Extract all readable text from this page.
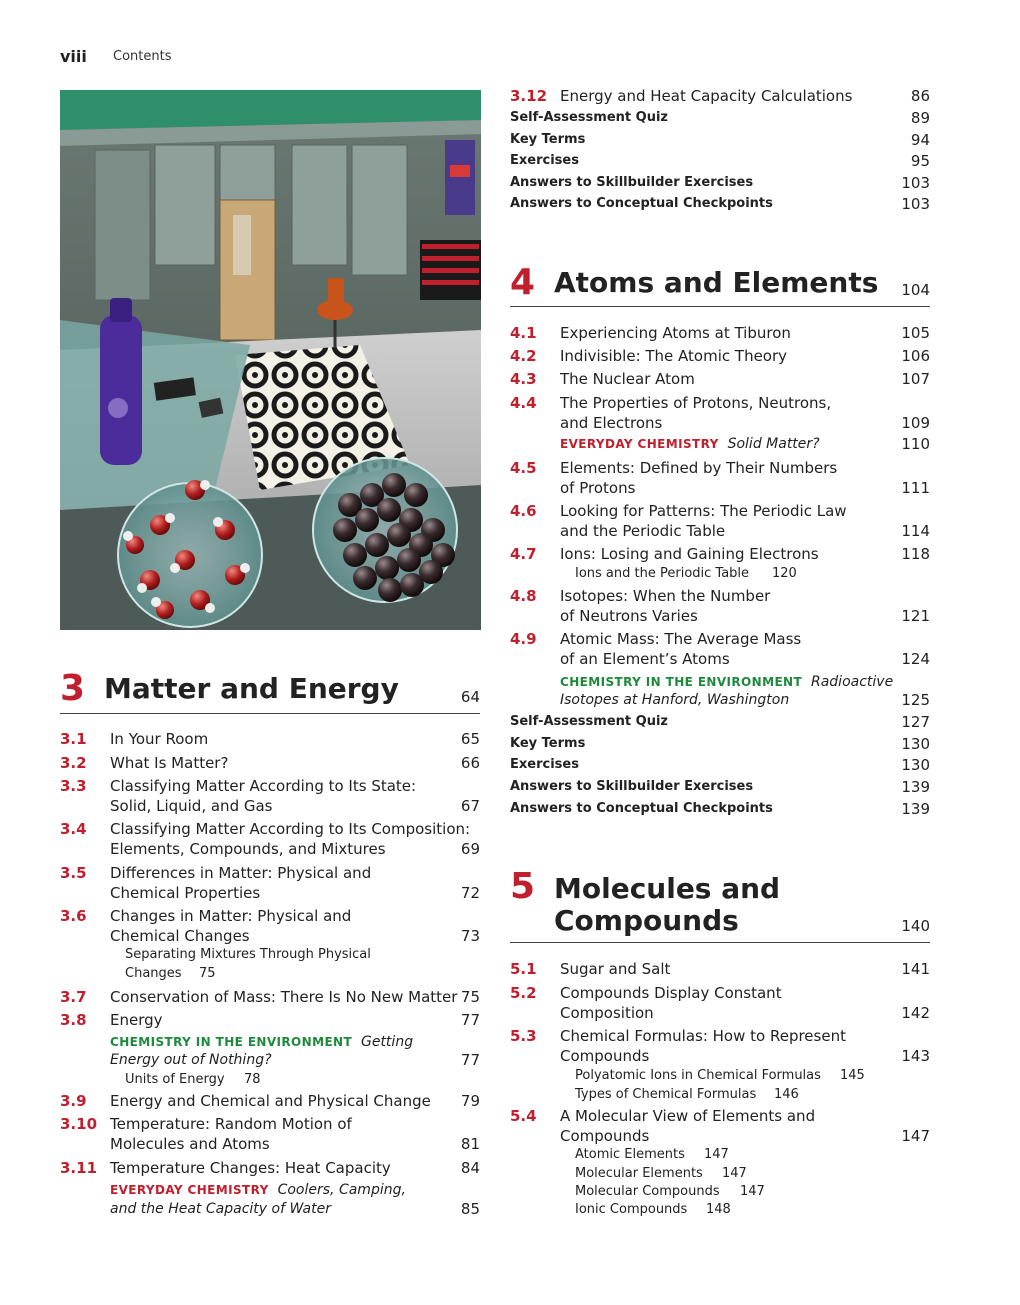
viii Contents
3 Matter and Energy	64
3.1 In Your Room	65
3.2 What Is Matter?	66
3.3 Classifying Matter According to Its State:
Solid, Liquid, and Gas	67
3.4 Classifying Matter According to Its Composition:
Elements, Compounds, and Mixtures	69
3.5 Differences in Matter: Physical and
Chemical Properties	72
3.6 Changes in Matter: Physical and
Chemical Changes	73
Separating Mixtures Through Physical
Changes 75
3.7 Conservation of Mass: There Is No New Matter 75
3.8 Energy	77
CHEMISTRY IN THE ENVIRONMENT Getting
Energy out of Nothing?	77
Units of Energy 78
3.9 Energy and Chemical and Physical Change 79
3.10 Temperature: Random Motion of
Molecules and Atoms	81
3.11 Temperature Changes: Heat Capacity	84
EVERYDAY CHEMISTRY Coolers, Camping,
and the Heat Capacity of Water	85
3.12 Energy and Heat Capacity Calculations	86
Self-Assessment Quiz	89
Key Terms	94
Exercises	95
Answers to Skillbuilder Exercises	103
Answers to Conceptual Checkpoints	103
4 Atoms and Elements 104
4.1 Experiencing Atoms at Tiburon	105
4.2 Indivisible: The Atomic Theory	106
4.3 The Nuclear Atom	107
4.4 The Properties of Protons, Neutrons,
and Electrons	109
EVERYDAY CHEMISTRY Solid Matter?	110
4.5 Elements: Defined by Their Numbers
of Protons	111
4.6 Looking for Patterns: The Periodic Law
and the Periodic Table	114
4.7 Ions: Losing and Gaining Electrons	118
Ions and the Periodic Table 120
4.8 Isotopes: When the Number
of Neutrons Varies	121
4.9 Atomic Mass: The Average Mass
of an Element’s Atoms	124
CHEMISTRY IN THE ENVIRONMENT Radioactive
Isotopes at Hanford, Washington	125
Self-Assessment Quiz	127
Key Terms	130
Exercises	130
Answers to Skillbuilder Exercises	139
Answers to Conceptual Checkpoints	139
5 Molecules and
Compounds	140
5.1 Sugar and Salt	141
5.2 Compounds Display Constant
Composition	142
5.3 Chemical Formulas: How to Represent
Compounds	143
Polyatomic Ions in Chemical Formulas 145
Types of Chemical Formulas 146
5.4 A Molecular View of Elements and
Compounds	147
Atomic Elements 147
Molecular Elements 147
Molecular Compounds 147
Ionic Compounds 148
